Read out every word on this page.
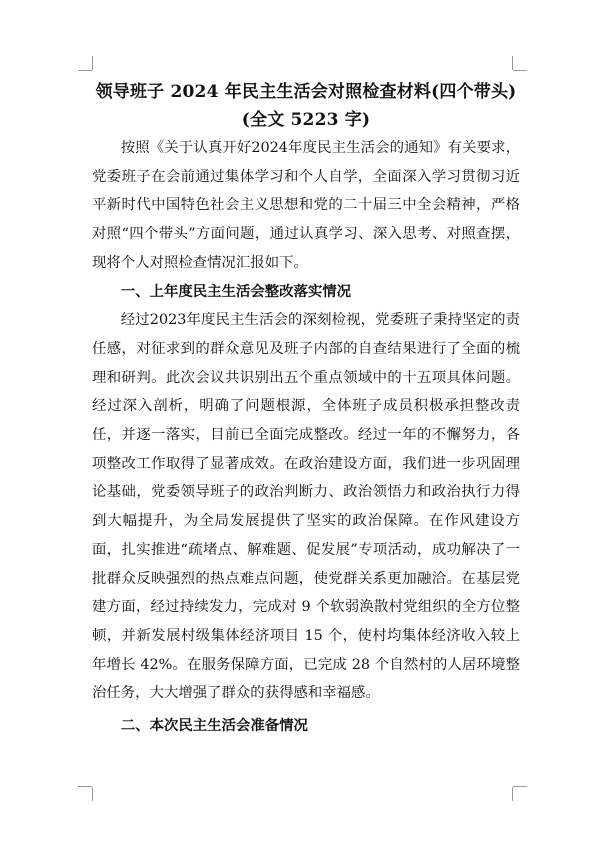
领导班子 2024 年民主生活会对照检查材料(四个带头)

(全文 5223 字)

按照《关于认真开好2024年度民主生活会的通知》有关要求，党委班子在会前通过集体学习和个人自学，全面深入学习贯彻习近平新时代中国特色社会主义思想和党的二十届三中全会精神，严格对照“四个带头”方面问题，通过认真学习、深入思考、对照查摆，现将个人对照检查情况汇报如下。

一、上年度民主生活会整改落实情况

经过2023年度民主生活会的深刻检视，党委班子秉持坚定的责任感，对征求到的群众意见及班子内部的自查结果进行了全面的梳理和研判。此次会议共识别出五个重点领域中的十五项具体问题。经过深入剖析，明确了问题根源，全体班子成员积极承担整改责任，并逐一落实，目前已全面完成整改。经过一年的不懈努力，各项整改工作取得了显著成效。在政治建设方面，我们进一步巩固理论基础，党委领导班子的政治判断力、政治领悟力和政治执行力得到大幅提升，为全局发展提供了坚实的政治保障。在作风建设方面，扎实推进“疏堵点、解难题、促发展”专项活动，成功解决了一批群众反映强烈的热点难点问题，使党群关系更加融洽。在基层党建方面，经过持续发力，完成对 9 个软弱涣散村党组织的全方位整顿，并新发展村级集体经济项目 15 个，使村均集体经济收入较上年增长 42%。在服务保障方面，已完成 28 个自然村的人居环境整治任务，大大增强了群众的获得感和幸福感。

二、本次民主生活会准备情况
